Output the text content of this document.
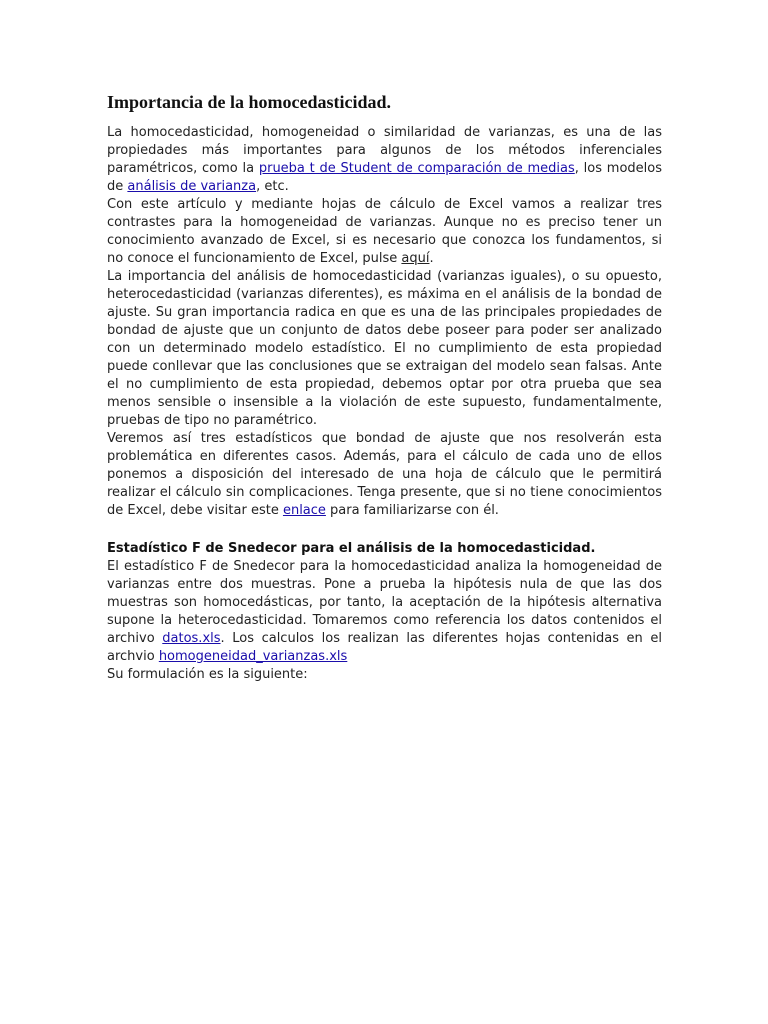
Importancia de la homocedasticidad.

La homocedasticidad, homogeneidad o similaridad de varianzas, es una de las propiedades más importantes para algunos de los métodos inferenciales paramétricos, como la prueba t de Student de comparación de medias, los modelos de análisis de varianza, etc.

Con este artículo y mediante hojas de cálculo de Excel vamos a realizar tres contrastes para la homogeneidad de varianzas. Aunque no es preciso tener un conocimiento avanzado de Excel, si es necesario que conozca los fundamentos, si no conoce el funcionamiento de Excel, pulse aquí.

La importancia del análisis de homocedasticidad (varianzas iguales), o su opuesto, heterocedasticidad (varianzas diferentes), es máxima en el análisis de la bondad de ajuste. Su gran importancia radica en que es una de las principales propiedades de bondad de ajuste que un conjunto de datos debe poseer para poder ser analizado con un determinado modelo estadístico. El no cumplimiento de esta propiedad puede conllevar que las conclusiones que se extraigan del modelo sean falsas. Ante el no cumplimiento de esta propiedad, debemos optar por otra prueba que sea menos sensible o insensible a la violación de este supuesto, fundamentalmente, pruebas de tipo no paramétrico.

Veremos así tres estadísticos que bondad de ajuste que nos resolverán esta problemática en diferentes casos. Además, para el cálculo de cada uno de ellos ponemos a disposición del interesado de una hoja de cálculo que le permitirá realizar el cálculo sin complicaciones. Tenga presente, que si no tiene conocimientos de Excel, debe visitar este enlace para familiarizarse con él.

Estadístico F de Snedecor para el análisis de la homocedasticidad.

El estadístico F de Snedecor para la homocedasticidad analiza la homogeneidad de varianzas entre dos muestras. Pone a prueba la hipótesis nula de que las dos muestras son homocedásticas, por tanto, la aceptación de la hipótesis alternativa supone la heterocedasticidad. Tomaremos como referencia los datos contenidos el archivo datos.xls. Los calculos los realizan las diferentes hojas contenidas en el archvio homogeneidad_varianzas.xls

Su formulación es la siguiente:
